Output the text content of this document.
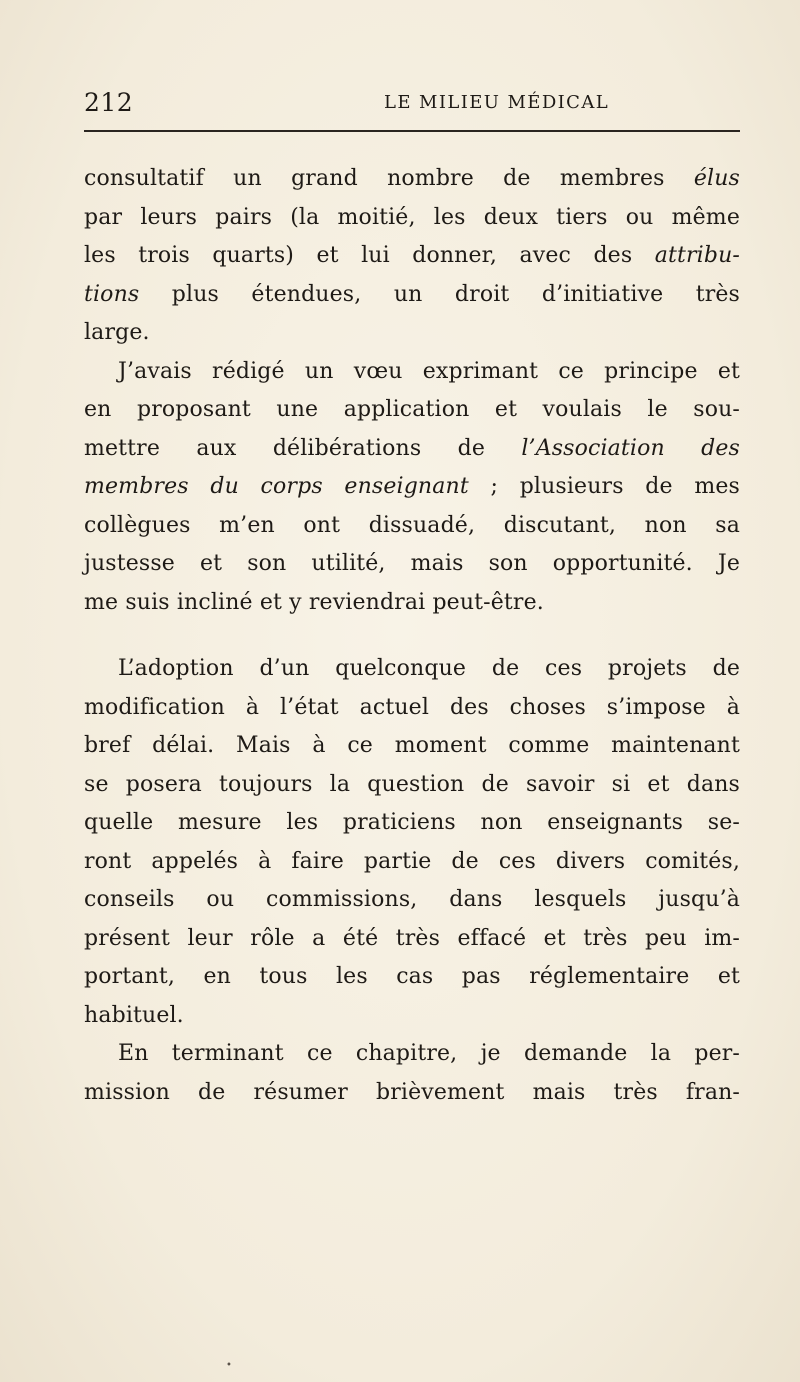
212	LE MILIEU MÉDICAL
consultatif un grand nombre de membres élus
par leurs pairs (la moitié, les deux tiers ou même
les trois quarts) et lui donner, avec des attribu-
tions plus étendues, un droit d’initiative très
large.
J’avais rédigé un vœu exprimant ce principe et
en proposant une application et voulais le sou-
mettre aux délibérations de l’Association des
membres du corps enseignant ; plusieurs de mes
collègues m’en ont dissuadé, discutant, non sa
justesse et son utilité, mais son opportunité. Je
me suis incliné et y reviendrai peut-être.
L’adoption d’un quelconque de ces projets de
modification à l’état actuel des choses s’impose à
bref délai. Mais à ce moment comme maintenant
se posera toujours la question de savoir si et dans
quelle mesure les praticiens non enseignants se-
ront appelés à faire partie de ces divers comités,
conseils ou commissions, dans lesquels jusqu’à
présent leur rôle a été très effacé et très peu im-
portant, en tous les cas pas réglementaire et
habituel.
En terminant ce chapitre, je demande la per-
mission de résumer brièvement mais très fran-
•
